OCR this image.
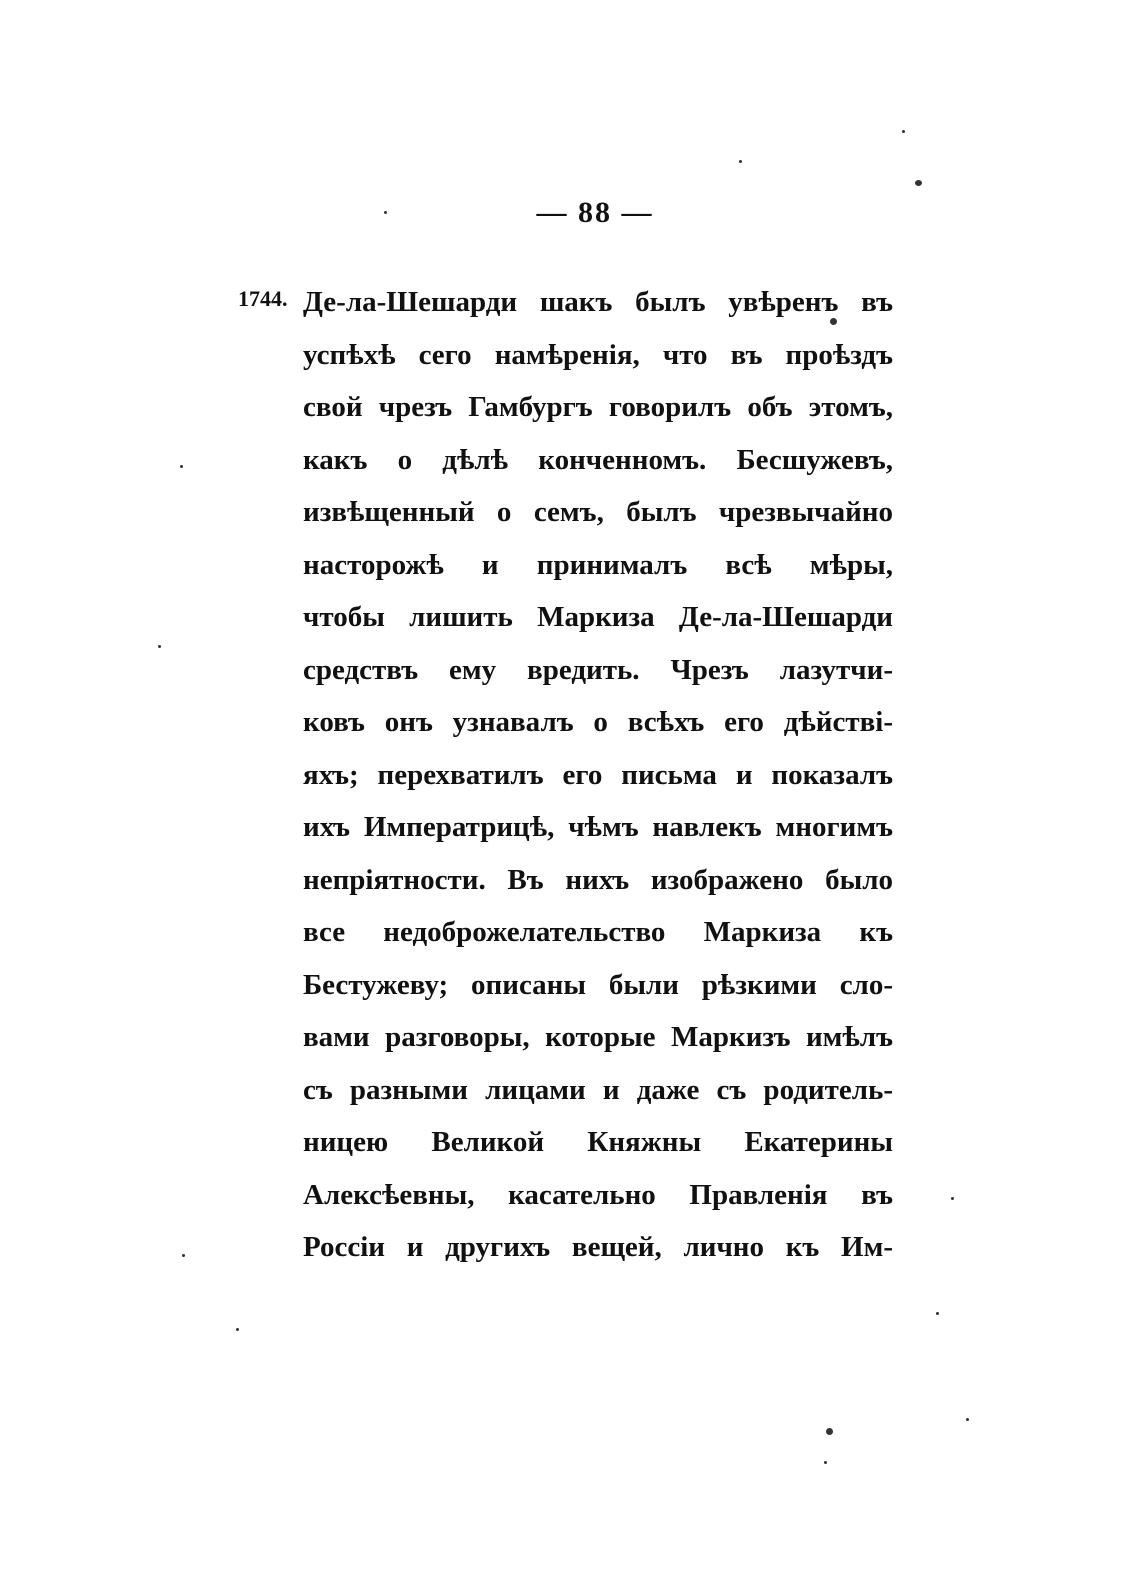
— 88 —
1744. Де-ла-Шешарди шакъ былъ увѣренъ въ
успѣхѣ сего намѣренія, что въ проѣздъ
свой чрезъ Гамбургъ говорилъ объ этомъ,
какъ о дѣлѣ конченномъ. Бесшужевъ,
извѣщенный о семъ, былъ чрезвычайно
насторожѣ и принималъ всѣ мѣры,
чтобы лишить Маркиза Де-ла-Шешарди
средствъ ему вредить. Чрезъ лазутчи-
ковъ онъ узнавалъ о всѣхъ его дѣйствi-
яхъ; перехватилъ его письма и показалъ
ихъ Императрицѣ, чѣмъ навлекъ многимъ
непріятности. Въ нихъ изображено было
все недоброжелательство Маркиза къ
Бестужеву; описаны были рѣзкими сло-
вами разговоры, которые Маркизъ имѣлъ
съ разными лицами и даже съ родитель-
ницею Великой Княжны Екатерины
Алексѣевны, касательно Правленія въ
Россіи и другихъ вещей, лично къ Им-
